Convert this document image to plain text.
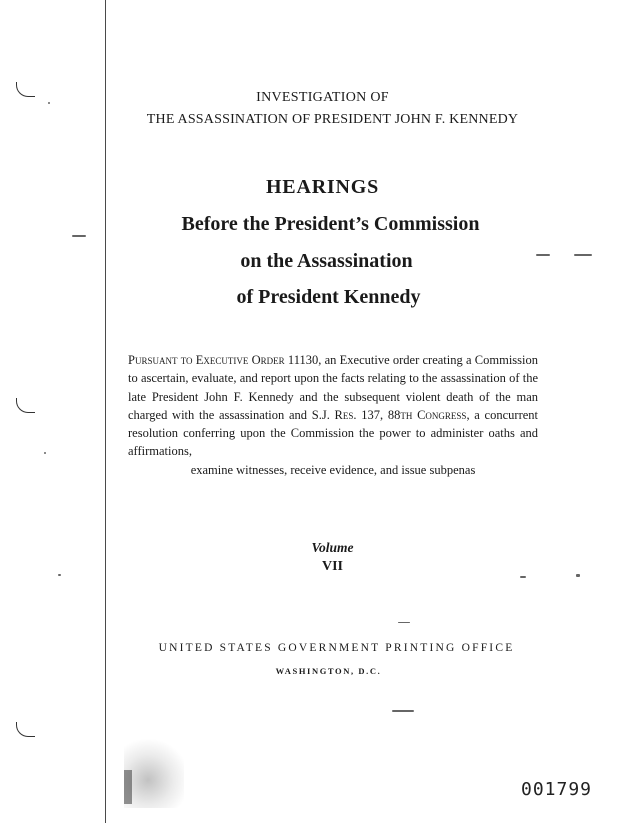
INVESTIGATION OF
THE ASSASSINATION OF PRESIDENT JOHN F. KENNEDY
HEARINGS
Before the President’s Commission
on the Assassination
of President Kennedy
Pursuant to Executive Order 11130, an Executive order creating a Commission to ascertain, evaluate, and report upon the facts relating to the assassination of the late President John F. Kennedy and the subsequent violent death of the man charged with the assassination and S.J. Res. 137, 88th Congress, a concurrent resolution conferring upon the Commission the power to administer oaths and affirmations,
examine witnesses, receive evidence, and issue subpenas
Volume
VII
UNITED STATES GOVERNMENT PRINTING OFFICE
WASHINGTON, D.C.
001799
